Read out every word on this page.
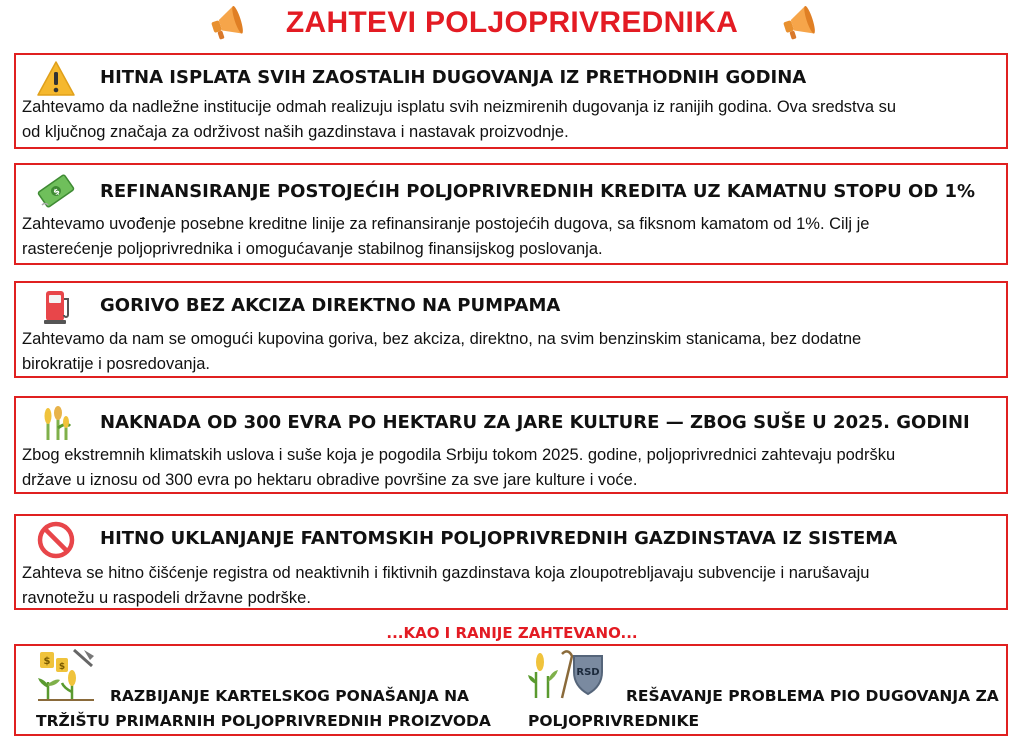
ZAHTEVI POLJOPRIVREDNIKA
HITNA ISPLATA SVIH ZAOSTALIH DUGOVANJA IZ PRETHODNIH GODINA
Zahtevamo da nadležne institucije odmah realizuju isplatu svih neizmirenih dugovanja iz ranijih godina. Ova sredstva su
od ključnog značaja za održivost naših gazdinstava i nastavak proizvodnje.
$ REFINANSIRANJE POSTOJEĆIH POLJOPRIVREDNIH KREDITA UZ KAMATNU STOPU OD 1%
Zahtevamo uvođenje posebne kreditne linije za refinansiranje postojećih dugova, sa fiksnom kamatom od 1%. Cilj je
rasterećenje poljoprivrednika i omogućavanje stabilnog finansijskog poslovanja.
GORIVO BEZ AKCIZA DIREKTNO NA PUMPAMA
Zahtevamo da nam se omogući kupovina goriva, bez akciza, direktno, na svim benzinskim stanicama, bez dodatne
birokratije i posredovanja.
NAKNADA OD 300 EVRA PO HEKTARU ZA JARE KULTURE — ZBOG SUŠE U 2025. GODINI
Zbog ekstremnih klimatskih uslova i suše koja je pogodila Srbiju tokom 2025. godine, poljoprivrednici zahtevaju podršku
države u iznosu od 300 evra po hektaru obradive površine za sve jare kulture i voće.
HITNO UKLANJANJE FANTOMSKIH POLJOPRIVREDNIH GAZDINSTAVA IZ SISTEMA
Zahteva se hitno čišćenje registra od neaktivnih i fiktivnih gazdinstava koja zloupotrebljavaju subvencije i narušavaju
ravnotežu u raspodeli državne podrške.
...KAO I RANIJE ZAHTEVANO...
$ $
RAZBIJANJE KARTELSKOG PONAŠANJA NA
TRŽIŠTU PRIMARNIH POLJOPRIVREDNIH PROIZVODA
RSD
REŠAVANJE PROBLEMA PIO DUGOVANJA ZA
POLJOPRIVREDNIKE
